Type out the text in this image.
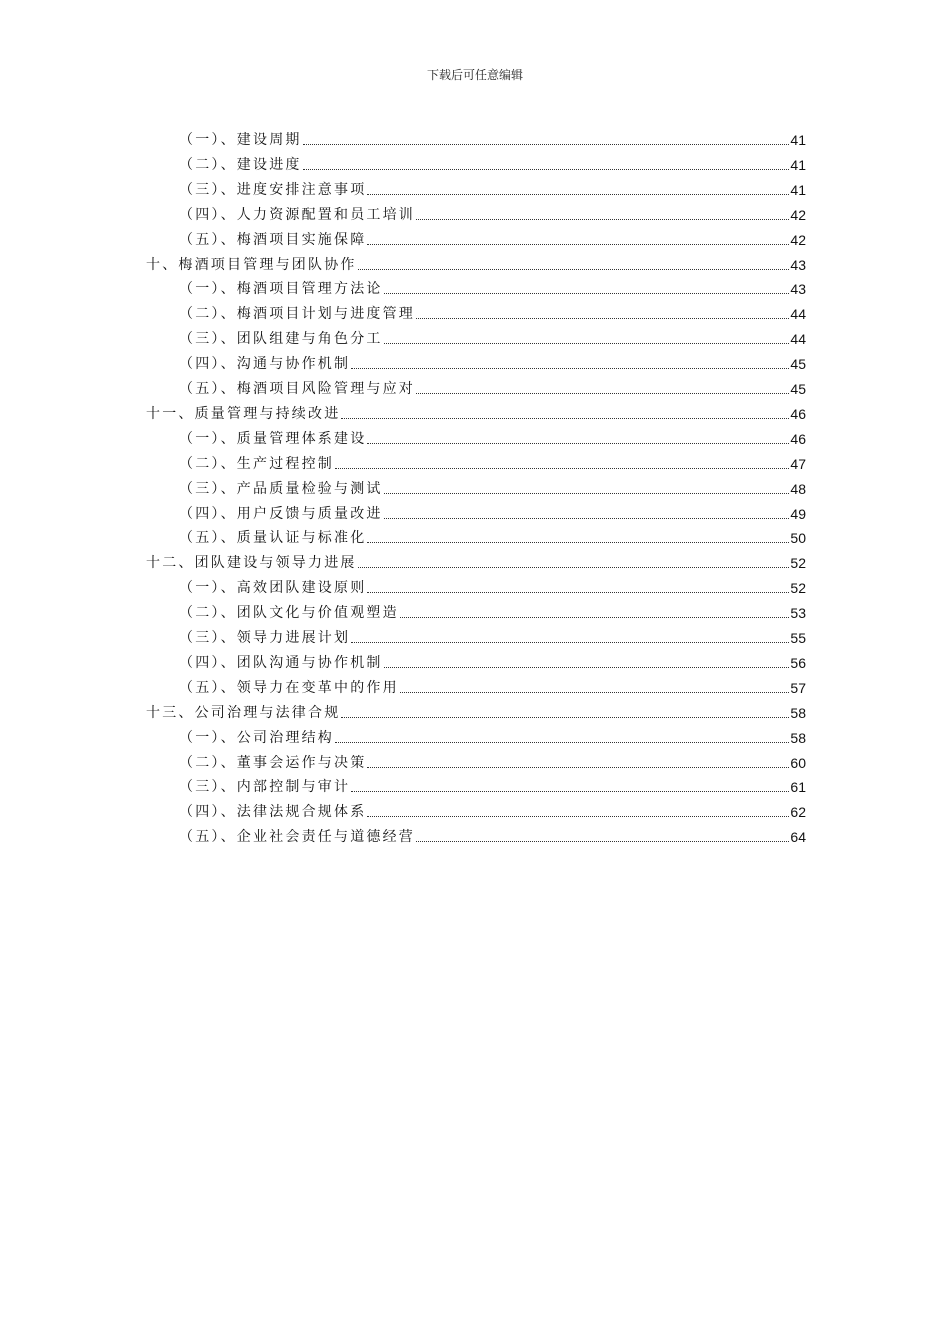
下载后可任意编辑
（一）、建设周期	41
（二）、建设进度	41
（三）、进度安排注意事项	41
（四）、人力资源配置和员工培训	42
（五）、梅酒项目实施保障	42
十、梅酒项目管理与团队协作	43
（一）、梅酒项目管理方法论	43
（二）、梅酒项目计划与进度管理	44
（三）、团队组建与角色分工	44
（四）、沟通与协作机制	45
（五）、梅酒项目风险管理与应对	45
十一、质量管理与持续改进	46
（一）、质量管理体系建设	46
（二）、生产过程控制	47
（三）、产品质量检验与测试	48
（四）、用户反馈与质量改进	49
（五）、质量认证与标准化	50
十二、团队建设与领导力进展	52
（一）、高效团队建设原则	52
（二）、团队文化与价值观塑造	53
（三）、领导力进展计划	55
（四）、团队沟通与协作机制	56
（五）、领导力在变革中的作用	57
十三、公司治理与法律合规	58
（一）、公司治理结构	58
（二）、董事会运作与决策	60
（三）、内部控制与审计	61
（四）、法律法规合规体系	62
（五）、企业社会责任与道德经营	64
